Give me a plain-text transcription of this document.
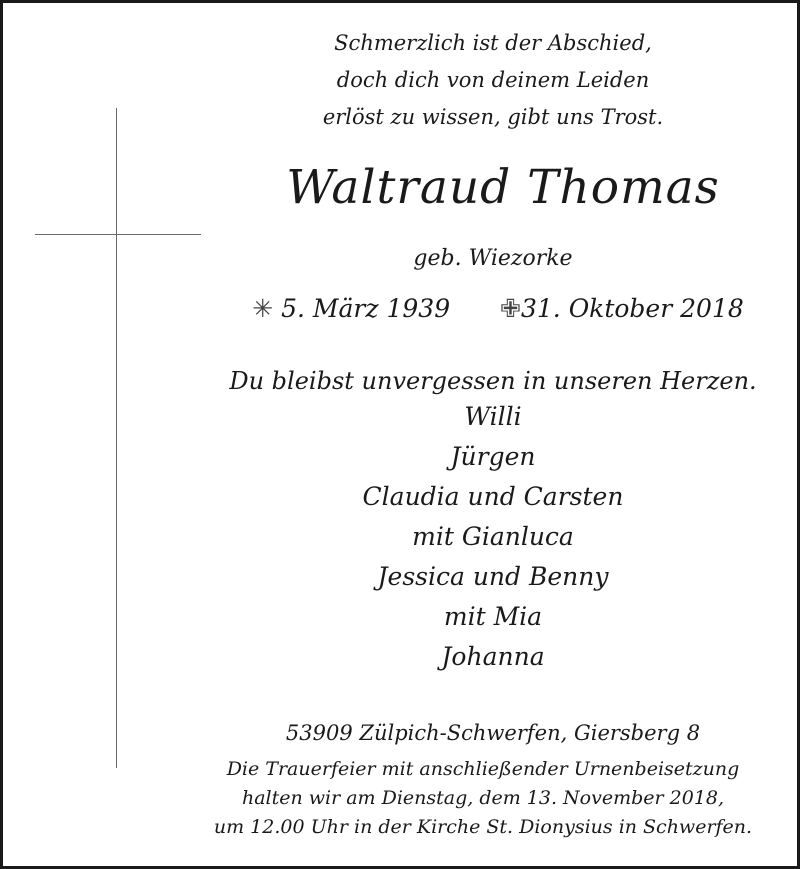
Schmerzlich ist der Abschied,
doch dich von deinem Leiden
erlöst zu wissen, gibt uns Trost.
Waltraud Thomas
geb. Wiezorke
✳ 5. März 1939 ✙31. Oktober 2018
Du bleibst unvergessen in unseren Herzen.
Willi
Jürgen
Claudia und Carsten
mit Gianluca
Jessica und Benny
mit Mia
Johanna
53909 Zülpich-Schwerfen, Giersberg 8
Die Trauerfeier mit anschließender Urnenbeisetzung
halten wir am Dienstag, dem 13. November 2018,
um 12.00 Uhr in der Kirche St. Dionysius in Schwerfen.
